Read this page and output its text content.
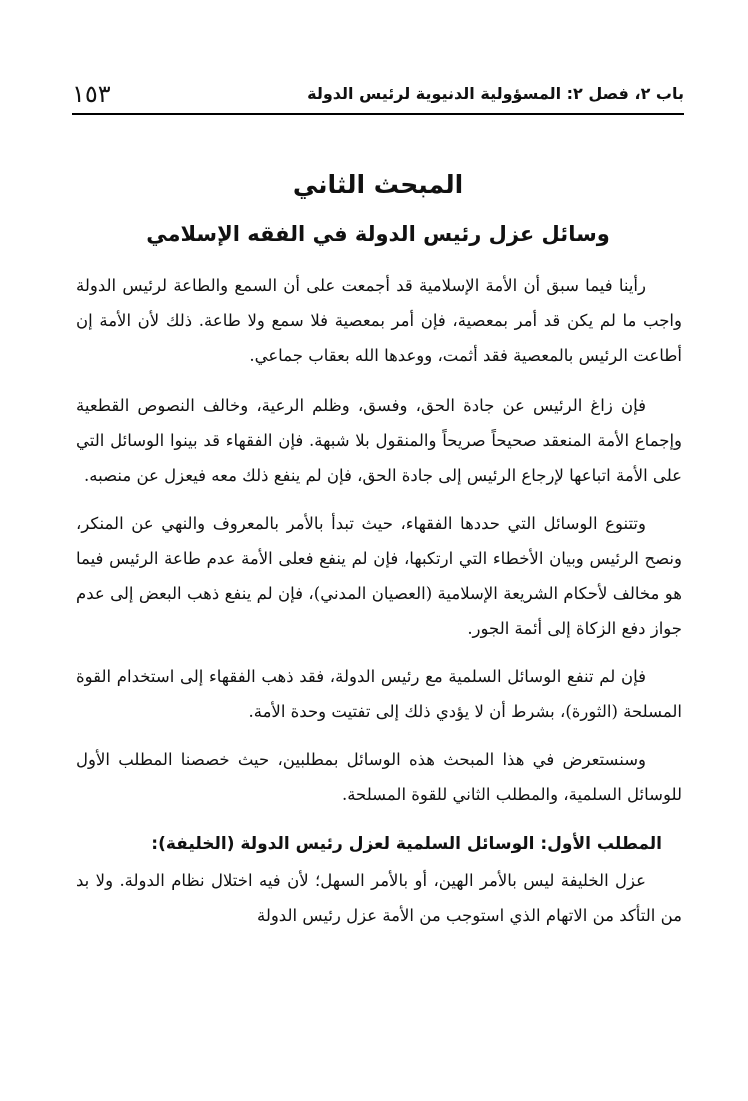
باب ٢، فصل ٢: المسؤولية الدنيوية لرئيس الدولة
١٥٣
المبحث الثاني
وسائل عزل رئيس الدولة في الفقه الإسلامي

رأينا فيما سبق أن الأمة الإسلامية قد أجمعت على أن السمع والطاعة لرئيس الدولة واجب ما لم يكن قد أمر بمعصية، فإن أمر بمعصية فلا سمع ولا طاعة. ذلك لأن الأمة إن أطاعت الرئيس بالمعصية فقد أثمت، ووعدها الله بعقاب جماعي.

فإن زاغ الرئيس عن جادة الحق، وفسق، وظلم الرعية، وخالف النصوص القطعية وإجماع الأمة المنعقد صحيحاً صريحاً والمنقول بلا شبهة. فإن الفقهاء قد بينوا الوسائل التي على الأمة اتباعها لإرجاع الرئيس إلى جادة الحق، فإن لم ينفع ذلك معه فيعزل عن منصبه.

وتتنوع الوسائل التي حددها الفقهاء، حيث تبدأ بالأمر بالمعروف والنهي عن المنكر، ونصح الرئيس وبيان الأخطاء التي ارتكبها، فإن لم ينفع فعلى الأمة عدم طاعة الرئيس فيما هو مخالف لأحكام الشريعة الإسلامية (العصيان المدني)، فإن لم ينفع ذهب البعض إلى عدم جواز دفع الزكاة إلى أئمة الجور.

فإن لم تنفع الوسائل السلمية مع رئيس الدولة، فقد ذهب الفقهاء إلى استخدام القوة المسلحة (الثورة)، بشرط أن لا يؤدي ذلك إلى تفتيت وحدة الأمة.

وسنستعرض في هذا المبحث هذه الوسائل بمطلبين، حيث خصصنا المطلب الأول للوسائل السلمية، والمطلب الثاني للقوة المسلحة.

المطلب الأول: الوسائل السلمية لعزل رئيس الدولة (الخليفة):

عزل الخليفة ليس بالأمر الهين، أو بالأمر السهل؛ لأن فيه اختلال نظام الدولة. ولا بد من التأكد من الاتهام الذي استوجب من الأمة عزل رئيس الدولة
